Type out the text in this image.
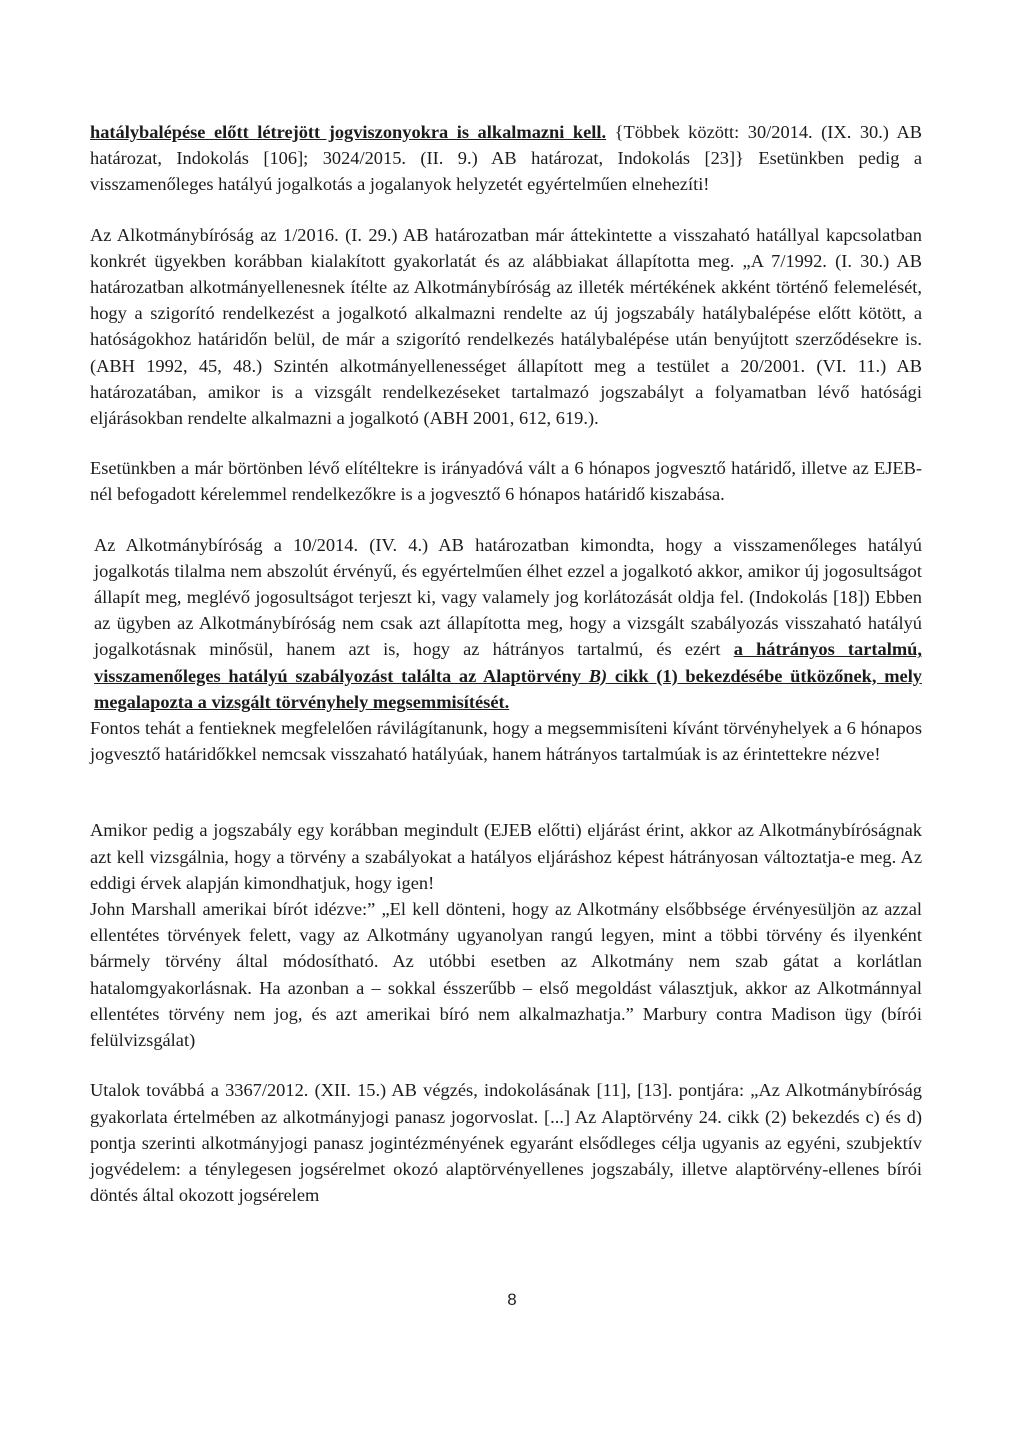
hatálybalépése előtt létrejött jogviszonyokra is alkalmazni kell. {Többek között: 30/2014. (IX. 30.) AB határozat, Indokolás [106]; 3024/2015. (II. 9.) AB határozat, Indokolás [23]} Esetünkben pedig a visszamenőleges hatályú jogalkotás a jogalanyok helyzetét egyértelműen elnehezíti!

Az Alkotmánybíróság az 1/2016. (I. 29.) AB határozatban már áttekintette a visszaható hatállyal kapcsolatban konkrét ügyekben korábban kialakított gyakorlatát és az alábbiakat állapította meg. „A 7/1992. (I. 30.) AB határozatban alkotmányellenesnek ítélte az Alkotmánybíróság az illeték mértékének akként történő felemelését, hogy a szigorító rendelkezést a jogalkotó alkalmazni rendelte az új jogszabály hatálybalépése előtt kötött, a hatóságokhoz határidőn belül, de már a szigorító rendelkezés hatálybalépése után benyújtott szerződésekre is. (ABH 1992, 45, 48.) Szintén alkotmányellenességet állapított meg a testület a 20/2001. (VI. 11.) AB határozatában, amikor is a vizsgált rendelkezéseket tartalmazó jogszabályt a folyamatban lévő hatósági eljárásokban rendelte alkalmazni a jogalkotó (ABH 2001, 612, 619.).

Esetünkben a már börtönben lévő elítéltekre is irányadóvá vált a 6 hónapos jogvesztő határidő, illetve az EJEB-nél befogadott kérelemmel rendelkezőkre is a jogvesztő 6 hónapos határidő kiszabása.

Az Alkotmánybíróság a 10/2014. (IV. 4.) AB határozatban kimondta, hogy a visszamenőleges hatályú jogalkotás tilalma nem abszolút érvényű, és egyértelműen élhet ezzel a jogalkotó akkor, amikor új jogosultságot állapít meg, meglévő jogosultságot terjeszt ki, vagy valamely jog korlátozását oldja fel. (Indokolás [18]) Ebben az ügyben az Alkotmánybíróság nem csak azt állapította meg, hogy a vizsgált szabályozás visszaható hatályú jogalkotásnak minősül, hanem azt is, hogy az hátrányos tartalmú, és ezért a hátrányos tartalmú, visszamenőleges hatályú szabályozást találta az Alaptörvény B) cikk (1) bekezdésébe ütközőnek, mely megalapozta a vizsgált törvényhely megsemmisítését.

Fontos tehát a fentieknek megfelelően rávilágítanunk, hogy a megsemmisíteni kívánt törvényhelyek a 6 hónapos jogvesztő határidőkkel nemcsak visszaható hatályúak, hanem hátrányos tartalmúak is az érintettekre nézve!

Amikor pedig a jogszabály egy korábban megindult (EJEB előtti) eljárást érint, akkor az Alkotmánybíróságnak azt kell vizsgálnia, hogy a törvény a szabályokat a hatályos eljáráshoz képest hátrányosan változtatja-e meg. Az eddigi érvek alapján kimondhatjuk, hogy igen!

John Marshall amerikai bírót idézve:” „El kell dönteni, hogy az Alkotmány elsőbbsége érvényesüljön az azzal ellentétes törvények felett, vagy az Alkotmány ugyanolyan rangú legyen, mint a többi törvény és ilyenként bármely törvény által módosítható. Az utóbbi esetben az Alkotmány nem szab gátat a korlátlan hatalomgyakorlásnak. Ha azonban a – sokkal ésszerűbb – első megoldást választjuk, akkor az Alkotmánnyal ellentétes törvény nem jog, és azt amerikai bíró nem alkalmazhatja.” Marbury contra Madison ügy (bírói felülvizsgálat)

Utalok továbbá a 3367/2012. (XII. 15.) AB végzés, indokolásának [11], [13]. pontjára: „Az Alkotmánybíróság gyakorlata értelmében az alkotmányjogi panasz jogorvoslat. [...] Az Alaptörvény 24. cikk (2) bekezdés c) és d) pontja szerinti alkotmányjogi panasz jogintézményének egyaránt elsődleges célja ugyanis az egyéni, szubjektív jogvédelem: a ténylegesen jogsérelmet okozó alaptörvényellenes jogszabály, illetve alaptörvény-ellenes bírói döntés által okozott jogsérelem

8
